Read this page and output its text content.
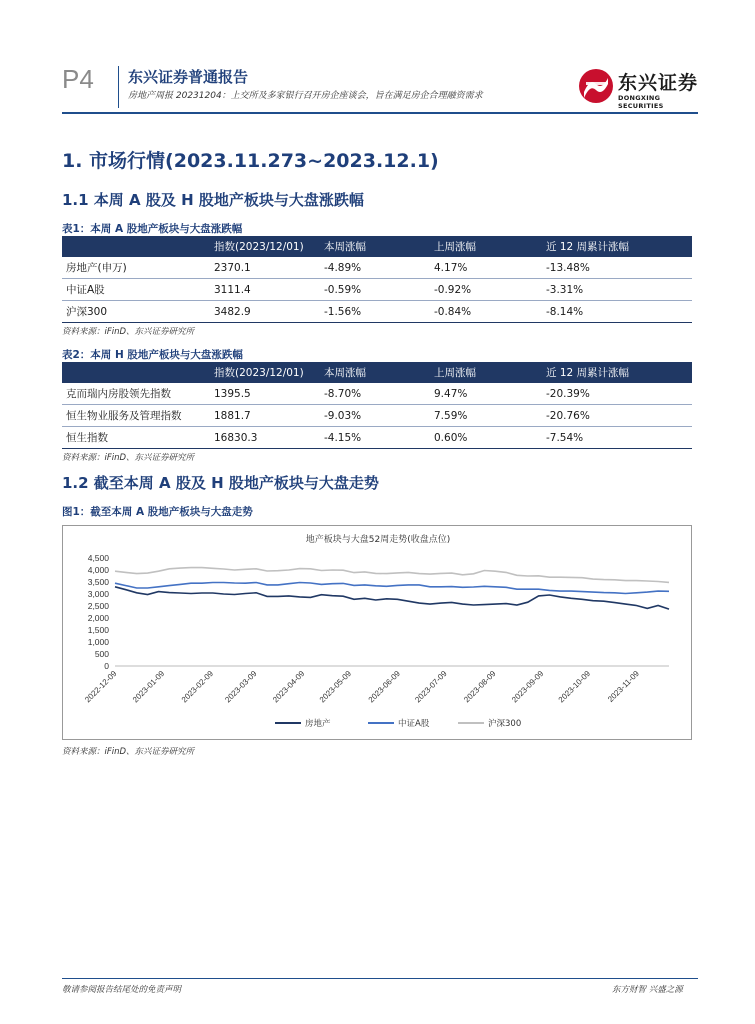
P4 东兴证券普通报告
房地产周报 20231204：上交所及多家银行召开房企座谈会，旨在满足房企合理融资需求
东兴证券
DONGXING SECURITIES
1. 市场行情(2023.11.273~2023.12.1)
1.1 本周 A 股及 H 股地产板块与大盘涨跌幅
表1：本周 A 股地产板块与大盘涨跌幅
	指数(2023/12/01)	本周涨幅	上周涨幅	近 12 周累计涨幅
房地产(申万)	2370.1	-4.89%	4.17%	-13.48%
中证A股	3111.4	-0.59%	-0.92%	-3.31%
沪深300	3482.9	-1.56%	-0.84%	-8.14%
资料来源：iFinD、东兴证券研究所
表2：本周 H 股地产板块与大盘涨跌幅
	指数(2023/12/01)	本周涨幅	上周涨幅	近 12 周累计涨幅
克而瑞内房股领先指数	1395.5	-8.70%	9.47%	-20.39%
恒生物业服务及管理指数	1881.7	-9.03%	7.59%	-20.76%
恒生指数	16830.3	-4.15%	0.60%	-7.54%
资料来源：iFinD、东兴证券研究所
1.2 截至本周 A 股及 H 股地产板块与大盘走势
图1：截至本周 A 股地产板块与大盘走势
地产板块与大盘52周走势(收盘点位)
0
500
1,000
1,500
2,000
2,500
3,000
3,500
4,000
4,500
2022-12-09 2023-01-09 2023-02-09 2023-03-09 2023-04-09 2023-05-09 2023-06-09 2023-07-09 2023-08-09 2023-09-09 2023-10-09 2023-11-09
房地产	中证A股	沪深300
资料来源：iFinD、东兴证券研究所
敬请参阅报告结尾处的免责声明	东方财智 兴盛之源
